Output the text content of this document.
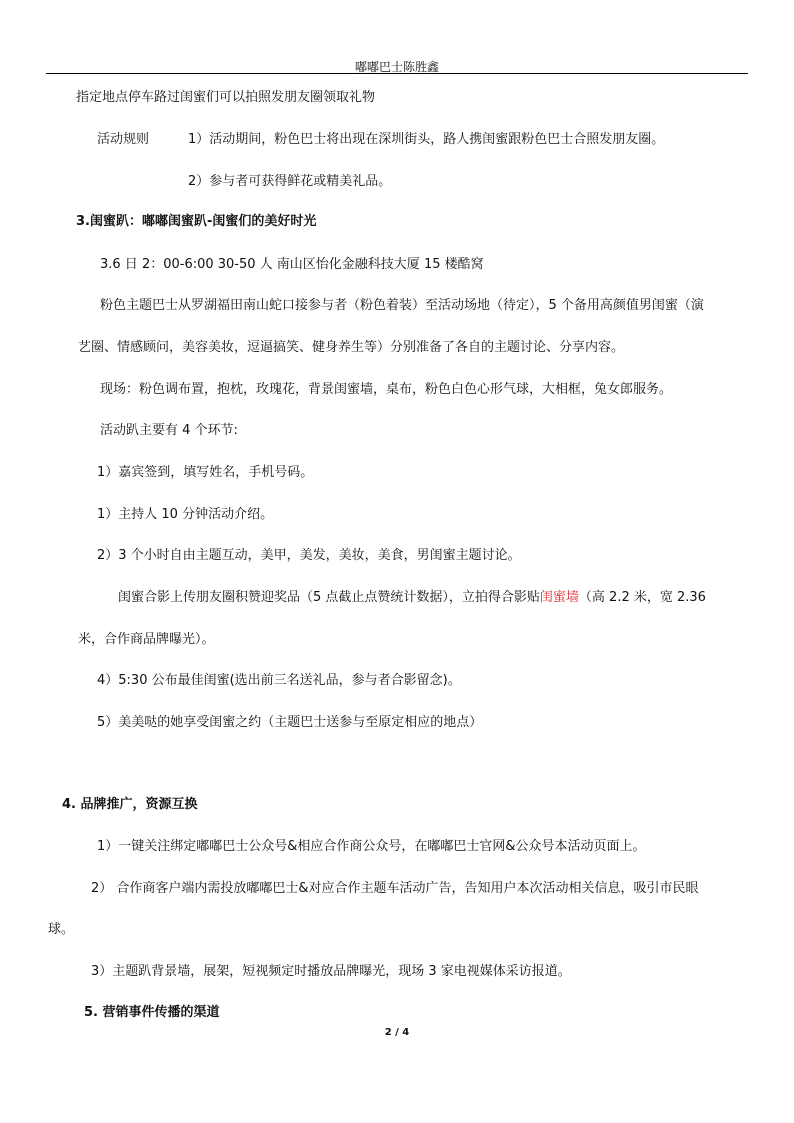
嘟嘟巴士陈胜鑫
指定地点停车路过闺蜜们可以拍照发朋友圈领取礼物
活动规则	1）活动期间，粉色巴士将出现在深圳街头，路人携闺蜜跟粉色巴士合照发朋友圈。
2）参与者可获得鲜花或精美礼品。
3.闺蜜趴：嘟嘟闺蜜趴-闺蜜们的美好时光
3.6 日 2：00-6:00 30-50 人 南山区怡化金融科技大厦 15 楼酷窝
粉色主题巴士从罗湖福田南山蛇口接参与者（粉色着装）至活动场地（待定），5 个备用高颜值男闺蜜（演
艺圈、情感顾问，美容美妆，逗逼搞笑、健身养生等）分别准备了各自的主题讨论、分享内容。
现场：粉色调布置，抱枕，玫瑰花，背景闺蜜墙，桌布，粉色白色心形气球，大相框，兔女郎服务。
活动趴主要有 4 个环节:
1）嘉宾签到，填写姓名，手机号码。
1）主持人 10 分钟活动介绍。
2）3 个小时自由主题互动，美甲，美发，美妆，美食，男闺蜜主题讨论。
闺蜜合影上传朋友圈积赞迎奖品（5 点截止点赞统计数据），立拍得合影贴闺蜜墙（高 2.2 米，宽 2.36
米，合作商品牌曝光）。
4）5:30 公布最佳闺蜜(选出前三名送礼品，参与者合影留念)。
5）美美哒的她享受闺蜜之约（主题巴士送参与至原定相应的地点）
4. 品牌推广，资源互换
1）一键关注绑定嘟嘟巴士公众号&相应合作商公众号，在嘟嘟巴士官网&公众号本活动页面上。
2） 合作商客户端内需投放嘟嘟巴士&对应合作主题车活动广告，告知用户本次活动相关信息，吸引市民眼
球。
3）主题趴背景墙，展架，短视频定时播放品牌曝光，现场 3 家电视媒体采访报道。
5. 营销事件传播的渠道
2 / 4
